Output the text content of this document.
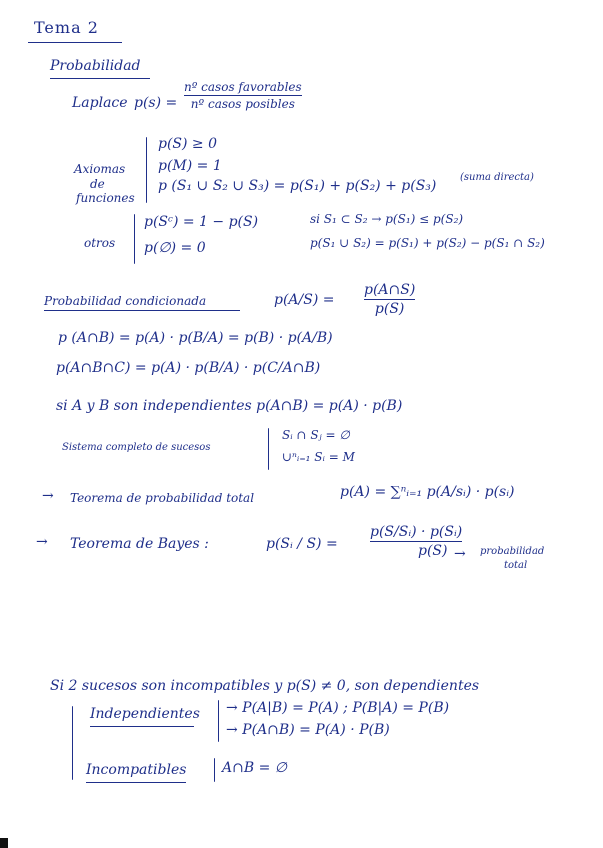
Tema 2
Probabilidad
Laplace p(s) =
nº casos favorables
nº casos posibles
Axiomas
de
funciones
p(S) ≥ 0
p(M) = 1
p (S₁ ∪ S₂ ∪ S₃) = p(S₁) + p(S₂) + p(S₃)
(suma directa)
otros
p(Sᶜ) = 1 − p(S)
p(∅) = 0
si S₁ ⊂ S₂ → p(S₁) ≤ p(S₂)
p(S₁ ∪ S₂) = p(S₁) + p(S₂) − p(S₁ ∩ S₂)
Probabilidad condicionada	p(A/S) =
p(A∩S)
p(S)
p (A∩B) = p(A) · p(B/A) = p(B) · p(A/B)
p(A∩B∩C) = p(A) · p(B/A) · p(C/A∩B)
si A y B son independientes p(A∩B) = p(A) · p(B)
Sistema completo de sucesos
Sᵢ ∩ Sⱼ = ∅
∪ⁿᵢ₌₁ Sᵢ = M
→ Teorema de probabilidad total	p(A) = ∑ⁿᵢ₌₁ p(A/sᵢ) · p(sᵢ)
→ Teorema de Bayes :	p(Sᵢ / S) =
p(S/Sᵢ) · p(Sᵢ)
p(S) → probabilidad
total
Si 2 sucesos son incompatibles y p(S) ≠ 0, son dependientes
Independientes → P(A|B) = P(A) ; P(B|A) = P(B)
→ P(A∩B) = P(A) · P(B)
Incompatibles	A∩B = ∅
